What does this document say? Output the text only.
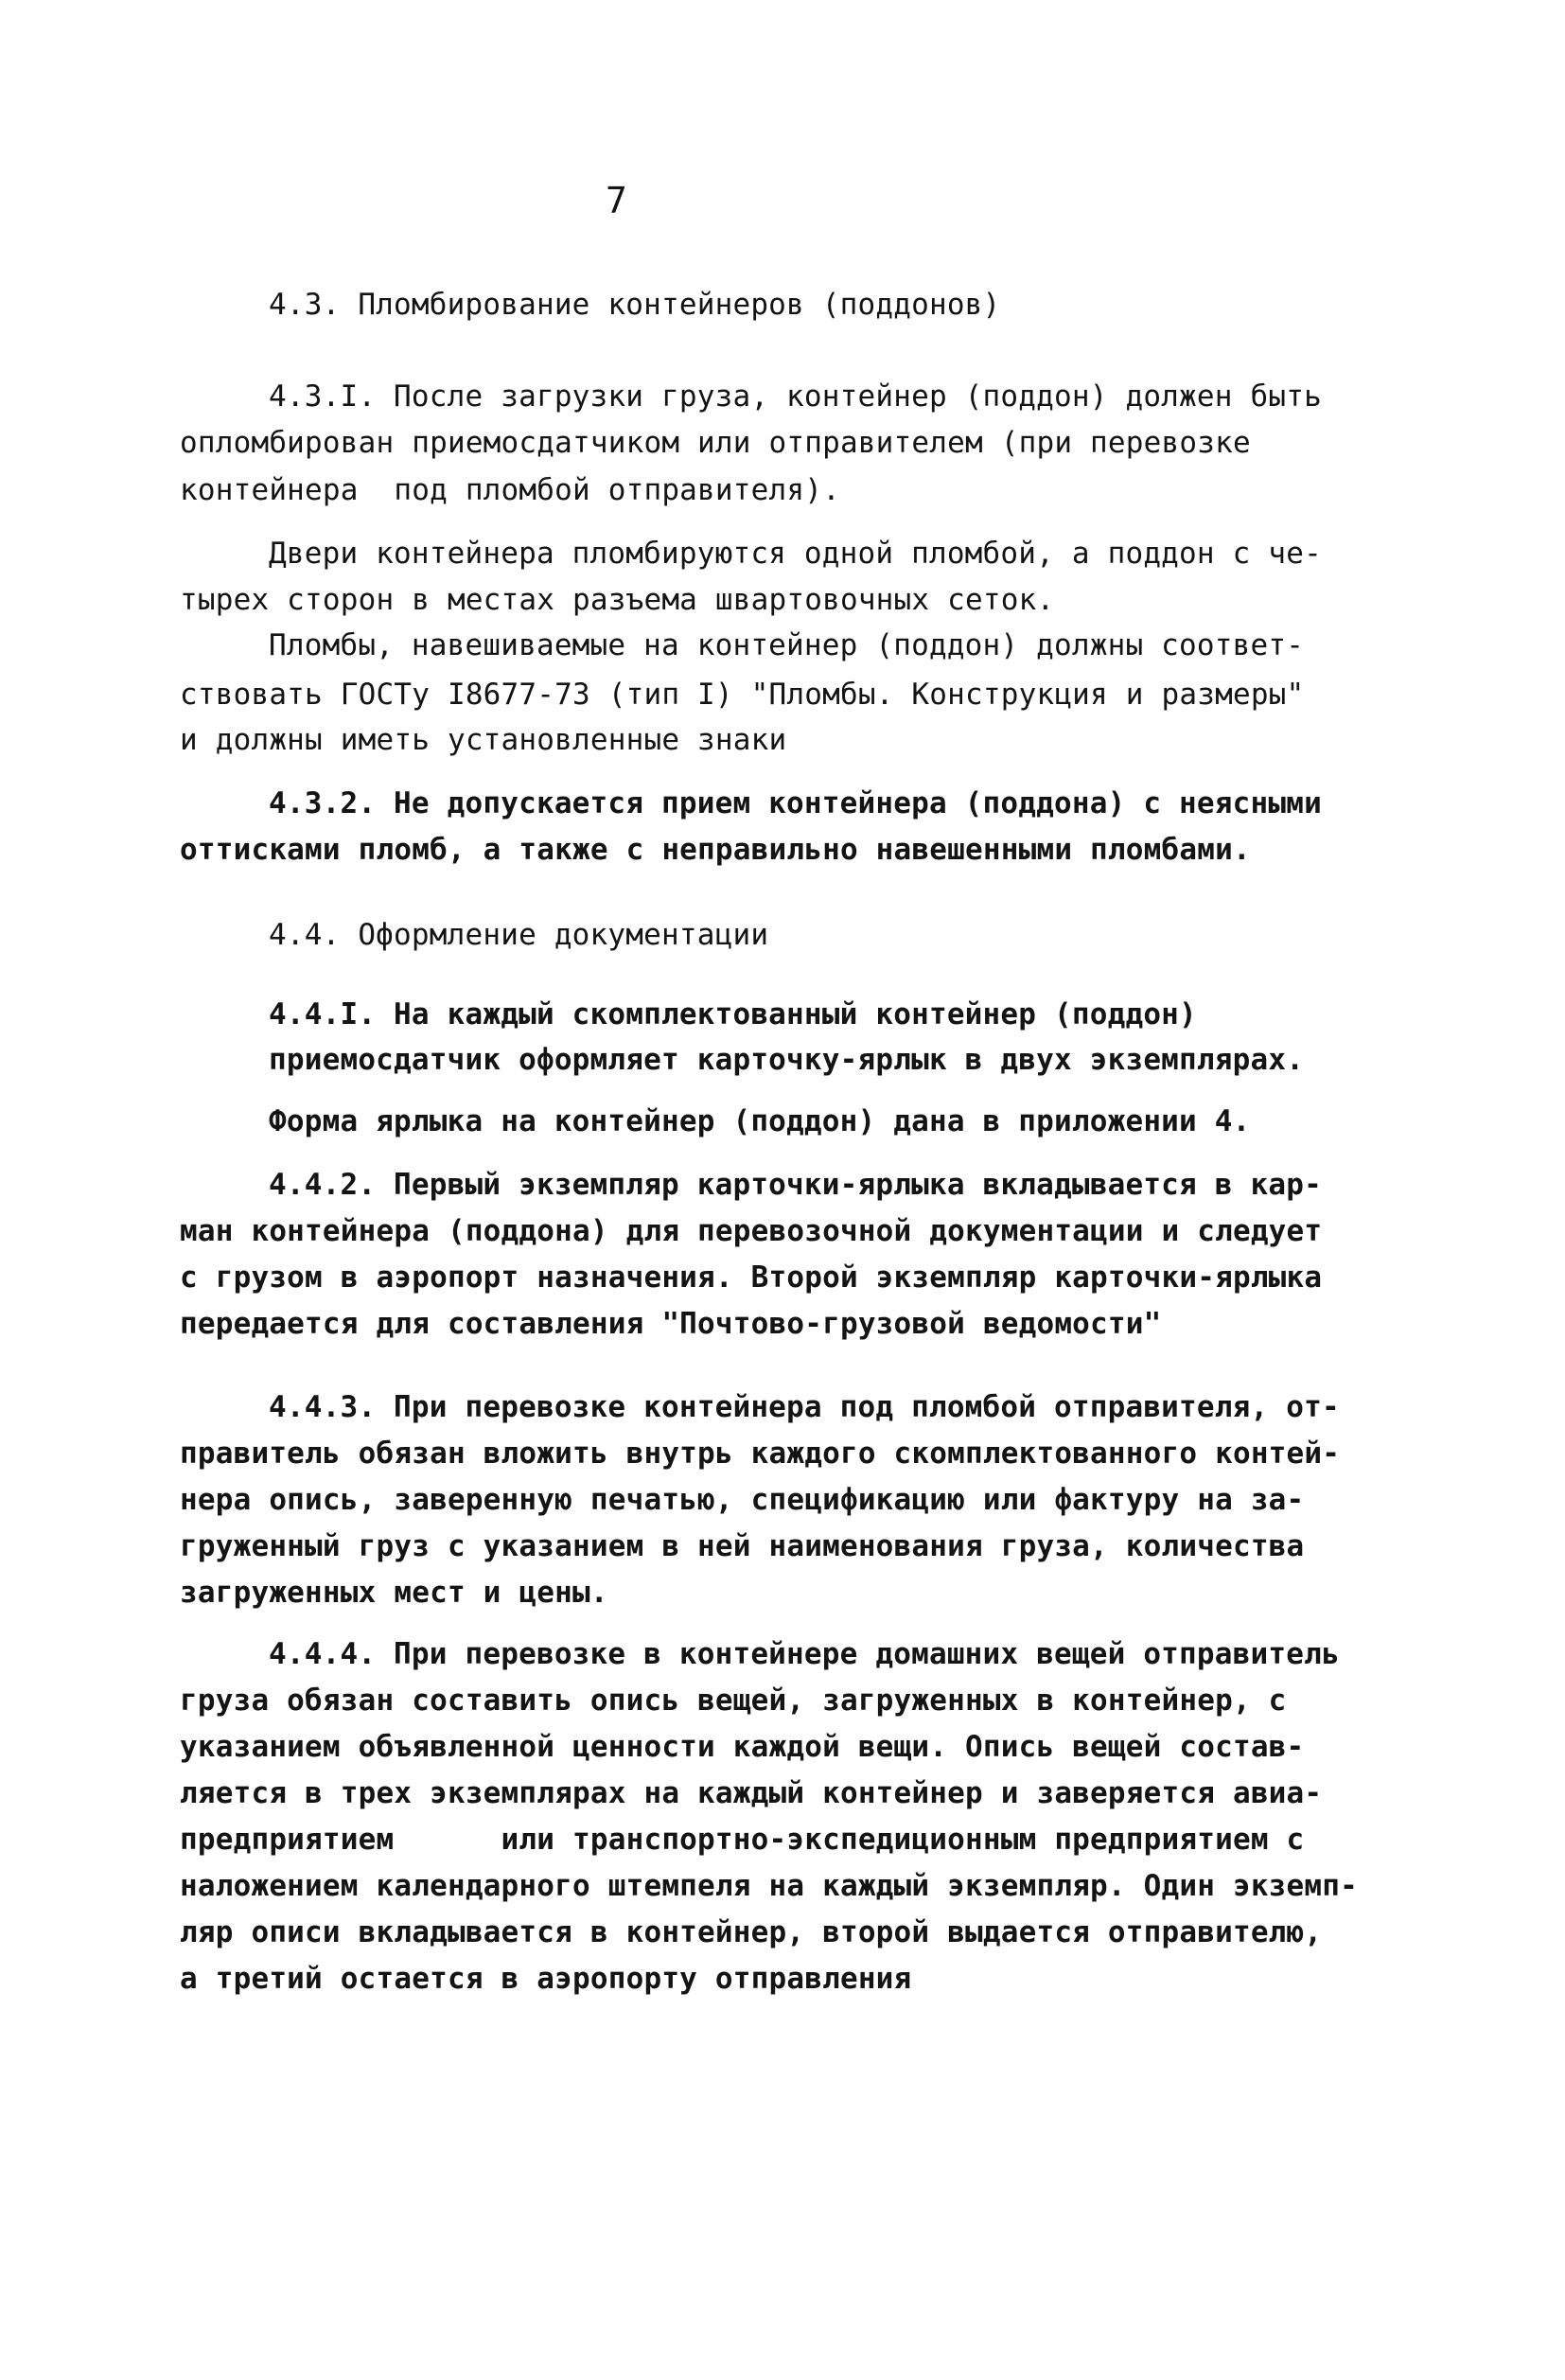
7
4.3. Пломбирование контейнеров (поддонов)
4.3.I. После загрузки груза, контейнер (поддон) должен быть
опломбирован приемосдатчиком или отправителем (при перевозке
контейнера  под пломбой отправителя).
Двери контейнера пломбируются одной пломбой, а поддон с че-
тырех сторон в местах разъема швартовочных сеток.
Пломбы, навешиваемые на контейнер (поддон) должны соответ-
ствовать ГОСТу I8677-73 (тип I) "Пломбы. Конструкция и размеры"
и должны иметь установленные знаки
4.3.2. Не допускается прием контейнера (поддона) с неясными
оттисками пломб, а также с неправильно навешенными пломбами.
4.4. Оформление документации
4.4.I. На каждый скомплектованный контейнер (поддон)
приемосдатчик оформляет карточку-ярлык в двух экземплярах.
Форма ярлыка на контейнер (поддон) дана в приложении 4.
4.4.2. Первый экземпляр карточки-ярлыка вкладывается в кар-
ман контейнера (поддона) для перевозочной документации и следует
с грузом в аэропорт назначения. Второй экземпляр карточки-ярлыка
передается для составления "Почтово-грузовой ведомости"
4.4.3. При перевозке контейнера под пломбой отправителя, от-
правитель обязан вложить внутрь каждого скомплектованного контей-
нера опись, заверенную печатью, спецификацию или фактуру на за-
груженный груз с указанием в ней наименования груза, количества
загруженных мест и цены.
4.4.4. При перевозке в контейнере домашних вещей отправитель
груза обязан составить опись вещей, загруженных в контейнер, с
указанием объявленной ценности каждой вещи. Опись вещей состав-
ляется в трех экземплярах на каждый контейнер и заверяется авиа-
предприятием      или транспортно-экспедиционным предприятием с
наложением календарного штемпеля на каждый экземпляр. Один экземп-
ляр описи вкладывается в контейнер, второй выдается отправителю,
а третий остается в аэропорту отправления
